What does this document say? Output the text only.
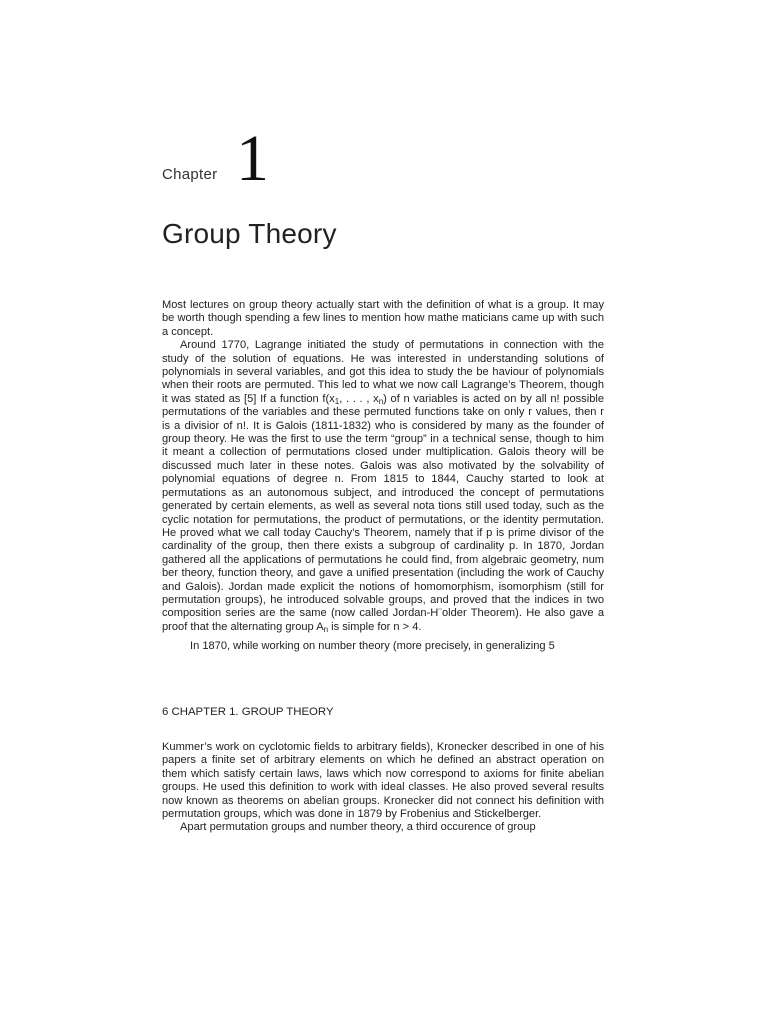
Chapter 1
Group Theory

Most lectures on group theory actually start with the definition of what is a group. It may be worth though spending a few lines to mention how mathe maticians came up with such a concept.

Around 1770, Lagrange initiated the study of permutations in connection with the study of the solution of equations. He was interested in understanding solutions of polynomials in several variables, and got this idea to study the be haviour of polynomials when their roots are permuted. This led to what we now call Lagrange’s Theorem, though it was stated as [5] If a function $f(x_1$, . . . , $x_n$) of n variables is acted on by all n! possible permutations of the variables and these permuted functions take on only r values, then r is a divisior of n!. It is Galois (1811-1832) who is considered by many as the founder of group theory. He was the first to use the term “group” in a technical sense, though to him it meant a collection of permutations closed under multiplication. Galois theory will be discussed much later in these notes. Galois was also motivated by the solvability of polynomial equations of degree n. From 1815 to 1844, Cauchy started to look at permutations as an autonomous subject, and introduced the concept of permutations generated by certain elements, as well as several nota tions still used today, such as the cyclic notation for permutations, the product of permutations, or the identity permutation. He proved what we call today Cauchy’s Theorem, namely that if p is prime divisor of the cardinality of the group, then there exists a subgroup of cardinality p. In 1870, Jordan gathered all the applications of permutations he could find, from algebraic geometry, num ber theory, function theory, and gave a unified presentation (including the work of Cauchy and Galois). Jordan made explicit the notions of homomorphism, isomorphism (still for permutation groups), he introduced solvable groups, and proved that the indices in two composition series are the same (now called Jordan-H¨older Theorem). He also gave a proof that the alternating group $A_n$ is simple for n > 4.

In 1870, while working on number theory (more precisely, in generalizing 5

6 CHAPTER 1. GROUP THEORY

Kummer’s work on cyclotomic fields to arbitrary fields), Kronecker described in one of his papers a finite set of arbitrary elements on which he defined an abstract operation on them which satisfy certain laws, laws which now correspond to axioms for finite abelian groups. He used this definition to work with ideal classes. He also proved several results now known as theorems on abelian groups. Kronecker did not connect his definition with permutation groups, which was done in 1879 by Frobenius and Stickelberger.

Apart permutation groups and number theory, a third occurence of group
